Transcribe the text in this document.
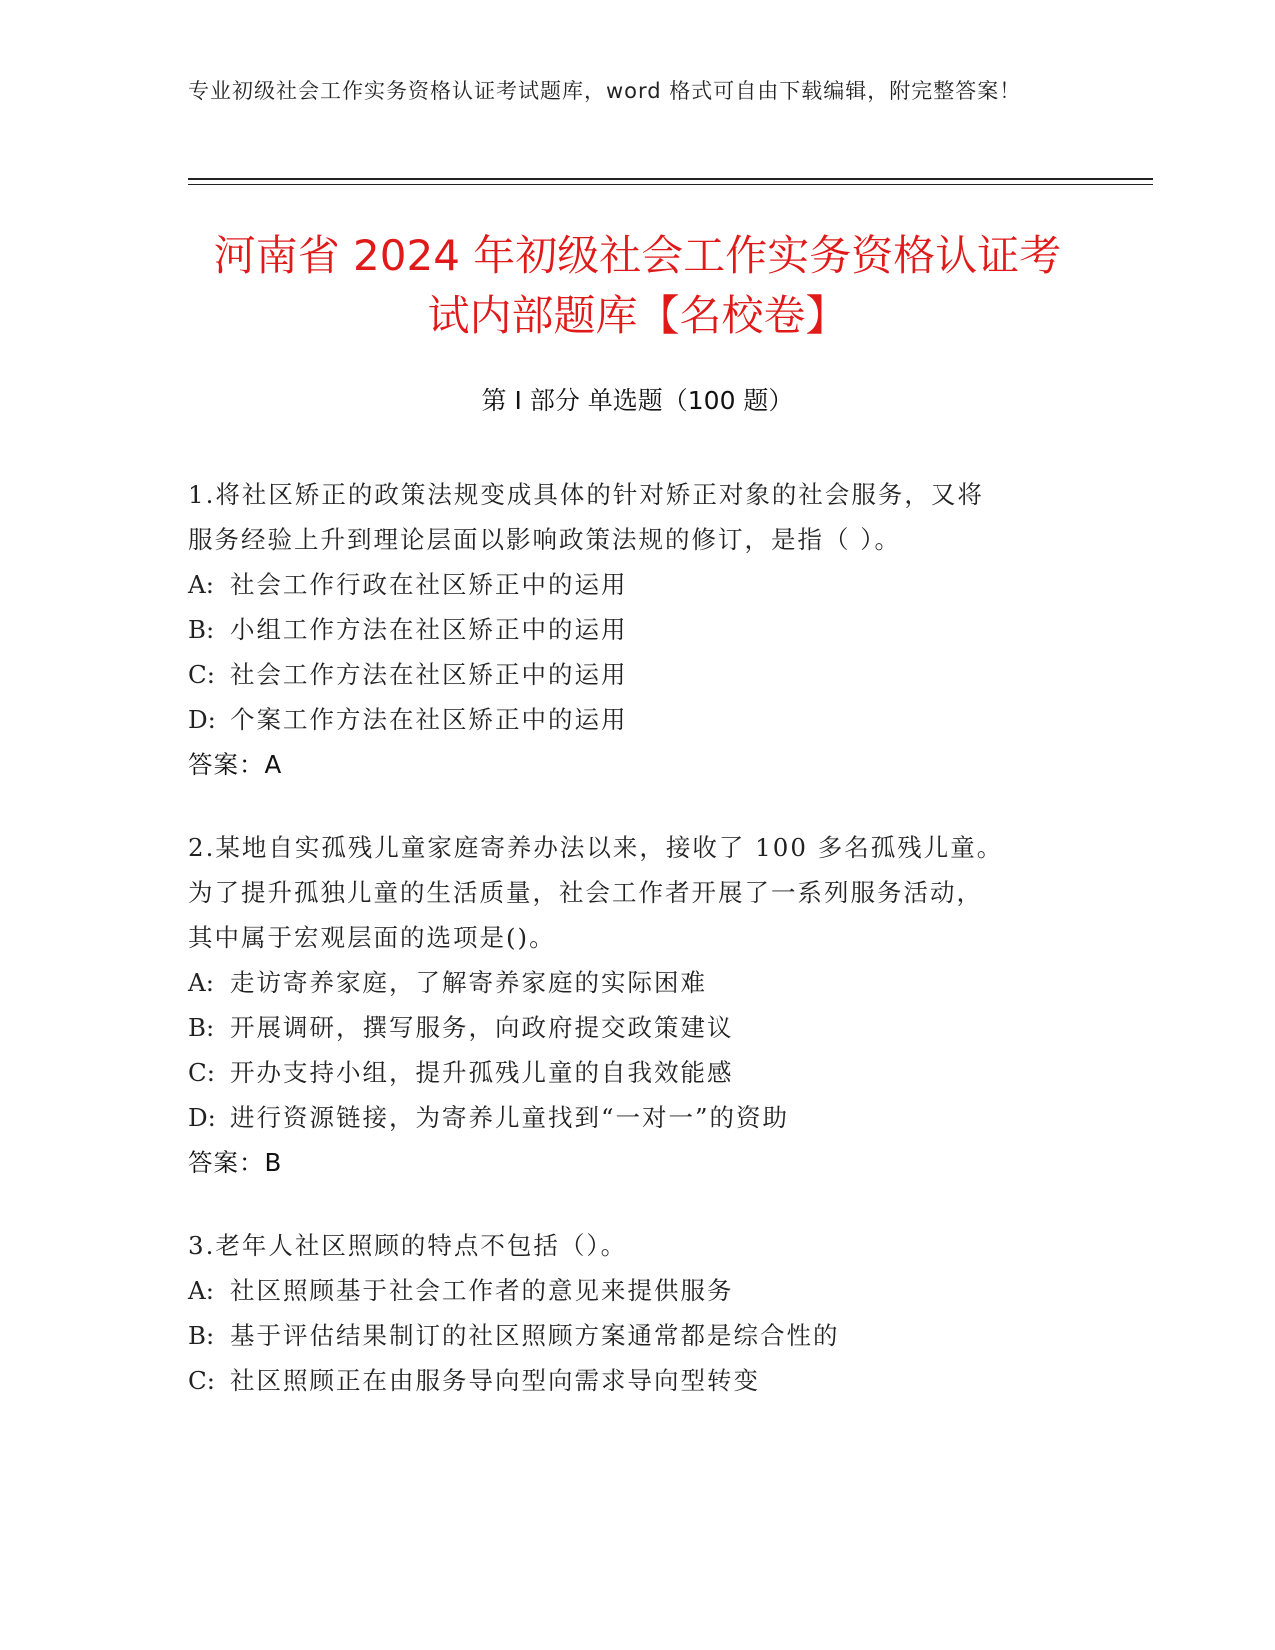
专业初级社会工作实务资格认证考试题库，word 格式可自由下载编辑，附完整答案！
河南省 2024 年初级社会工作实务资格认证考
试内部题库【名校卷】
第 I 部分 单选题（100 题）

1.将社区矫正的政策法规变成具体的针对矫正对象的社会服务，又将

服务经验上升到理论层面以影响政策法规的修订，是指（ ）。

A: 社会工作行政在社区矫正中的运用

B: 小组工作方法在社区矫正中的运用

C: 社会工作方法在社区矫正中的运用

D: 个案工作方法在社区矫正中的运用

答案：A

2.某地自实孤残儿童家庭寄养办法以来，接收了 100 多名孤残儿童。

为了提升孤独儿童的生活质量，社会工作者开展了一系列服务活动，

其中属于宏观层面的选项是()。

A: 走访寄养家庭，了解寄养家庭的实际困难

B: 开展调研，撰写服务，向政府提交政策建议

C: 开办支持小组，提升孤残儿童的自我效能感

D: 进行资源链接，为寄养儿童找到“一对一”的资助

答案：B

3.老年人社区照顾的特点不包括（）。

A: 社区照顾基于社会工作者的意见来提供服务

B: 基于评估结果制订的社区照顾方案通常都是综合性的

C: 社区照顾正在由服务导向型向需求导向型转变
